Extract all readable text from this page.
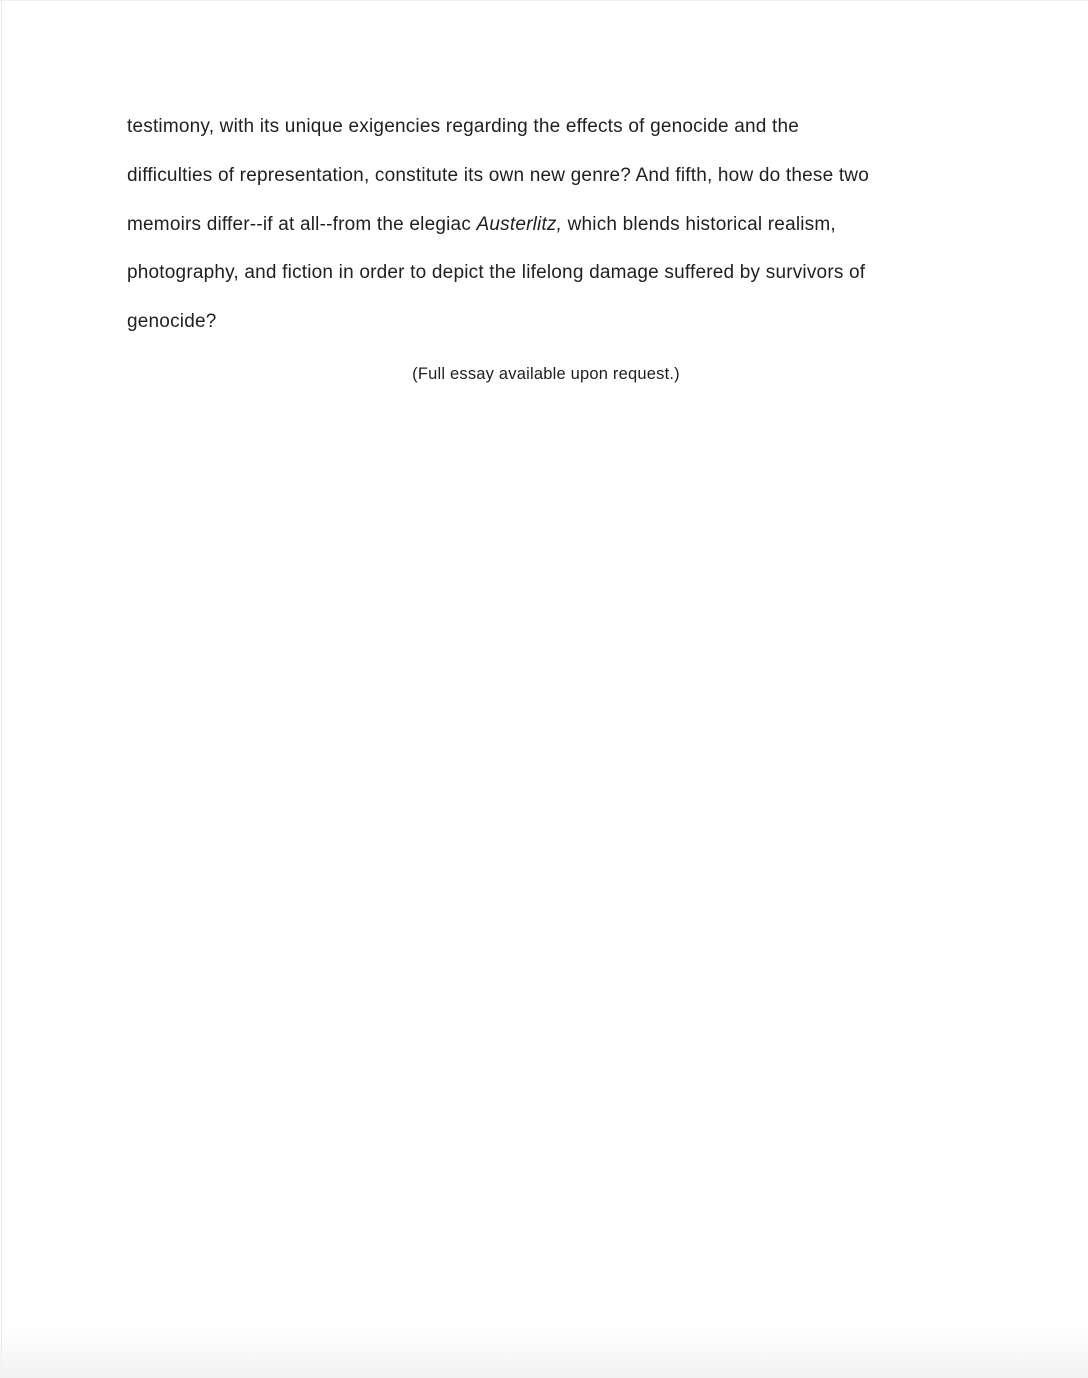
testimony, with its unique exigencies regarding the effects of genocide and the
difficulties of representation, constitute its own new genre? And fifth, how do these two
memoirs differ--if at all--from the elegiac Austerlitz, which blends historical realism,
photography, and fiction in order to depict the lifelong damage suffered by survivors of
genocide?
(Full essay available upon request.)
